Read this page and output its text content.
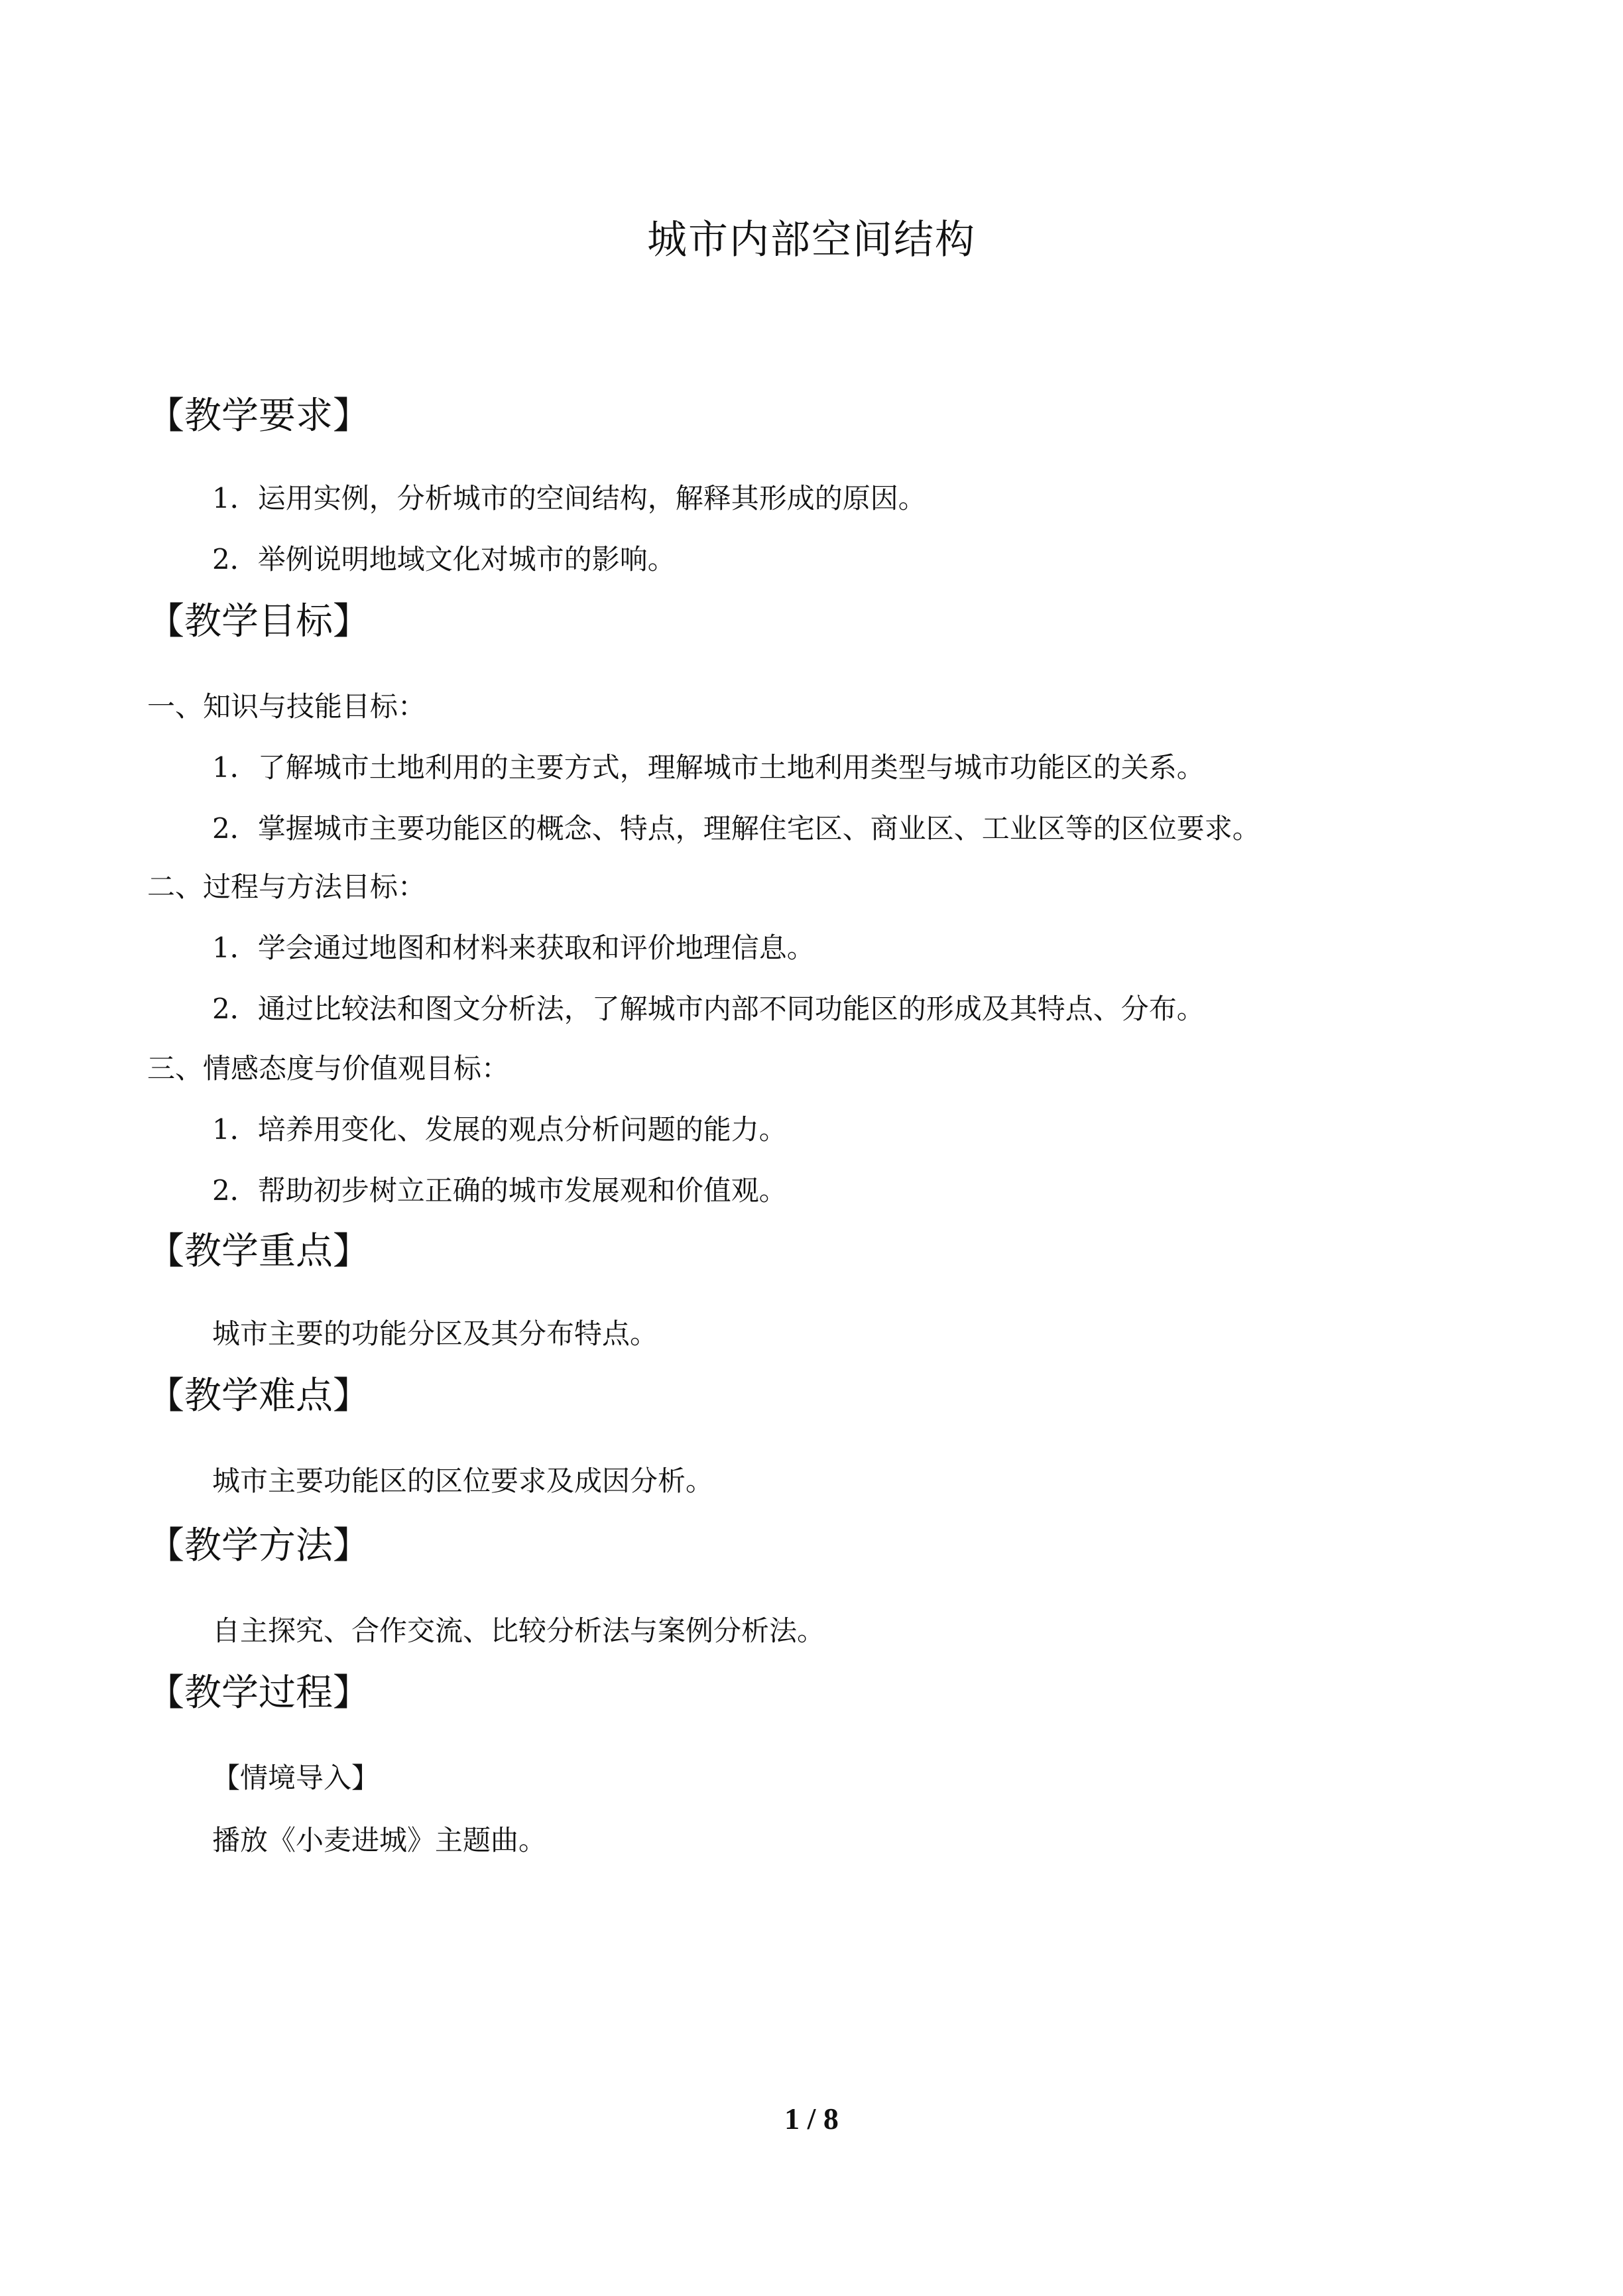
城市内部空间结构
【教学要求】
1．运用实例，分析城市的空间结构，解释其形成的原因。
2．举例说明地域文化对城市的影响。
【教学目标】
一、知识与技能目标：
1．了解城市土地利用的主要方式，理解城市土地利用类型与城市功能区的关系。
2．掌握城市主要功能区的概念、特点，理解住宅区、商业区、工业区等的区位要求。
二、过程与方法目标：
1．学会通过地图和材料来获取和评价地理信息。
2．通过比较法和图文分析法，了解城市内部不同功能区的形成及其特点、分布。
三、情感态度与价值观目标：
1．培养用变化、发展的观点分析问题的能力。
2．帮助初步树立正确的城市发展观和价值观。
【教学重点】
城市主要的功能分区及其分布特点。
【教学难点】
城市主要功能区的区位要求及成因分析。
【教学方法】
自主探究、合作交流、比较分析法与案例分析法。
【教学过程】
【情境导入】
播放《小麦进城》主题曲。
1 / 8
